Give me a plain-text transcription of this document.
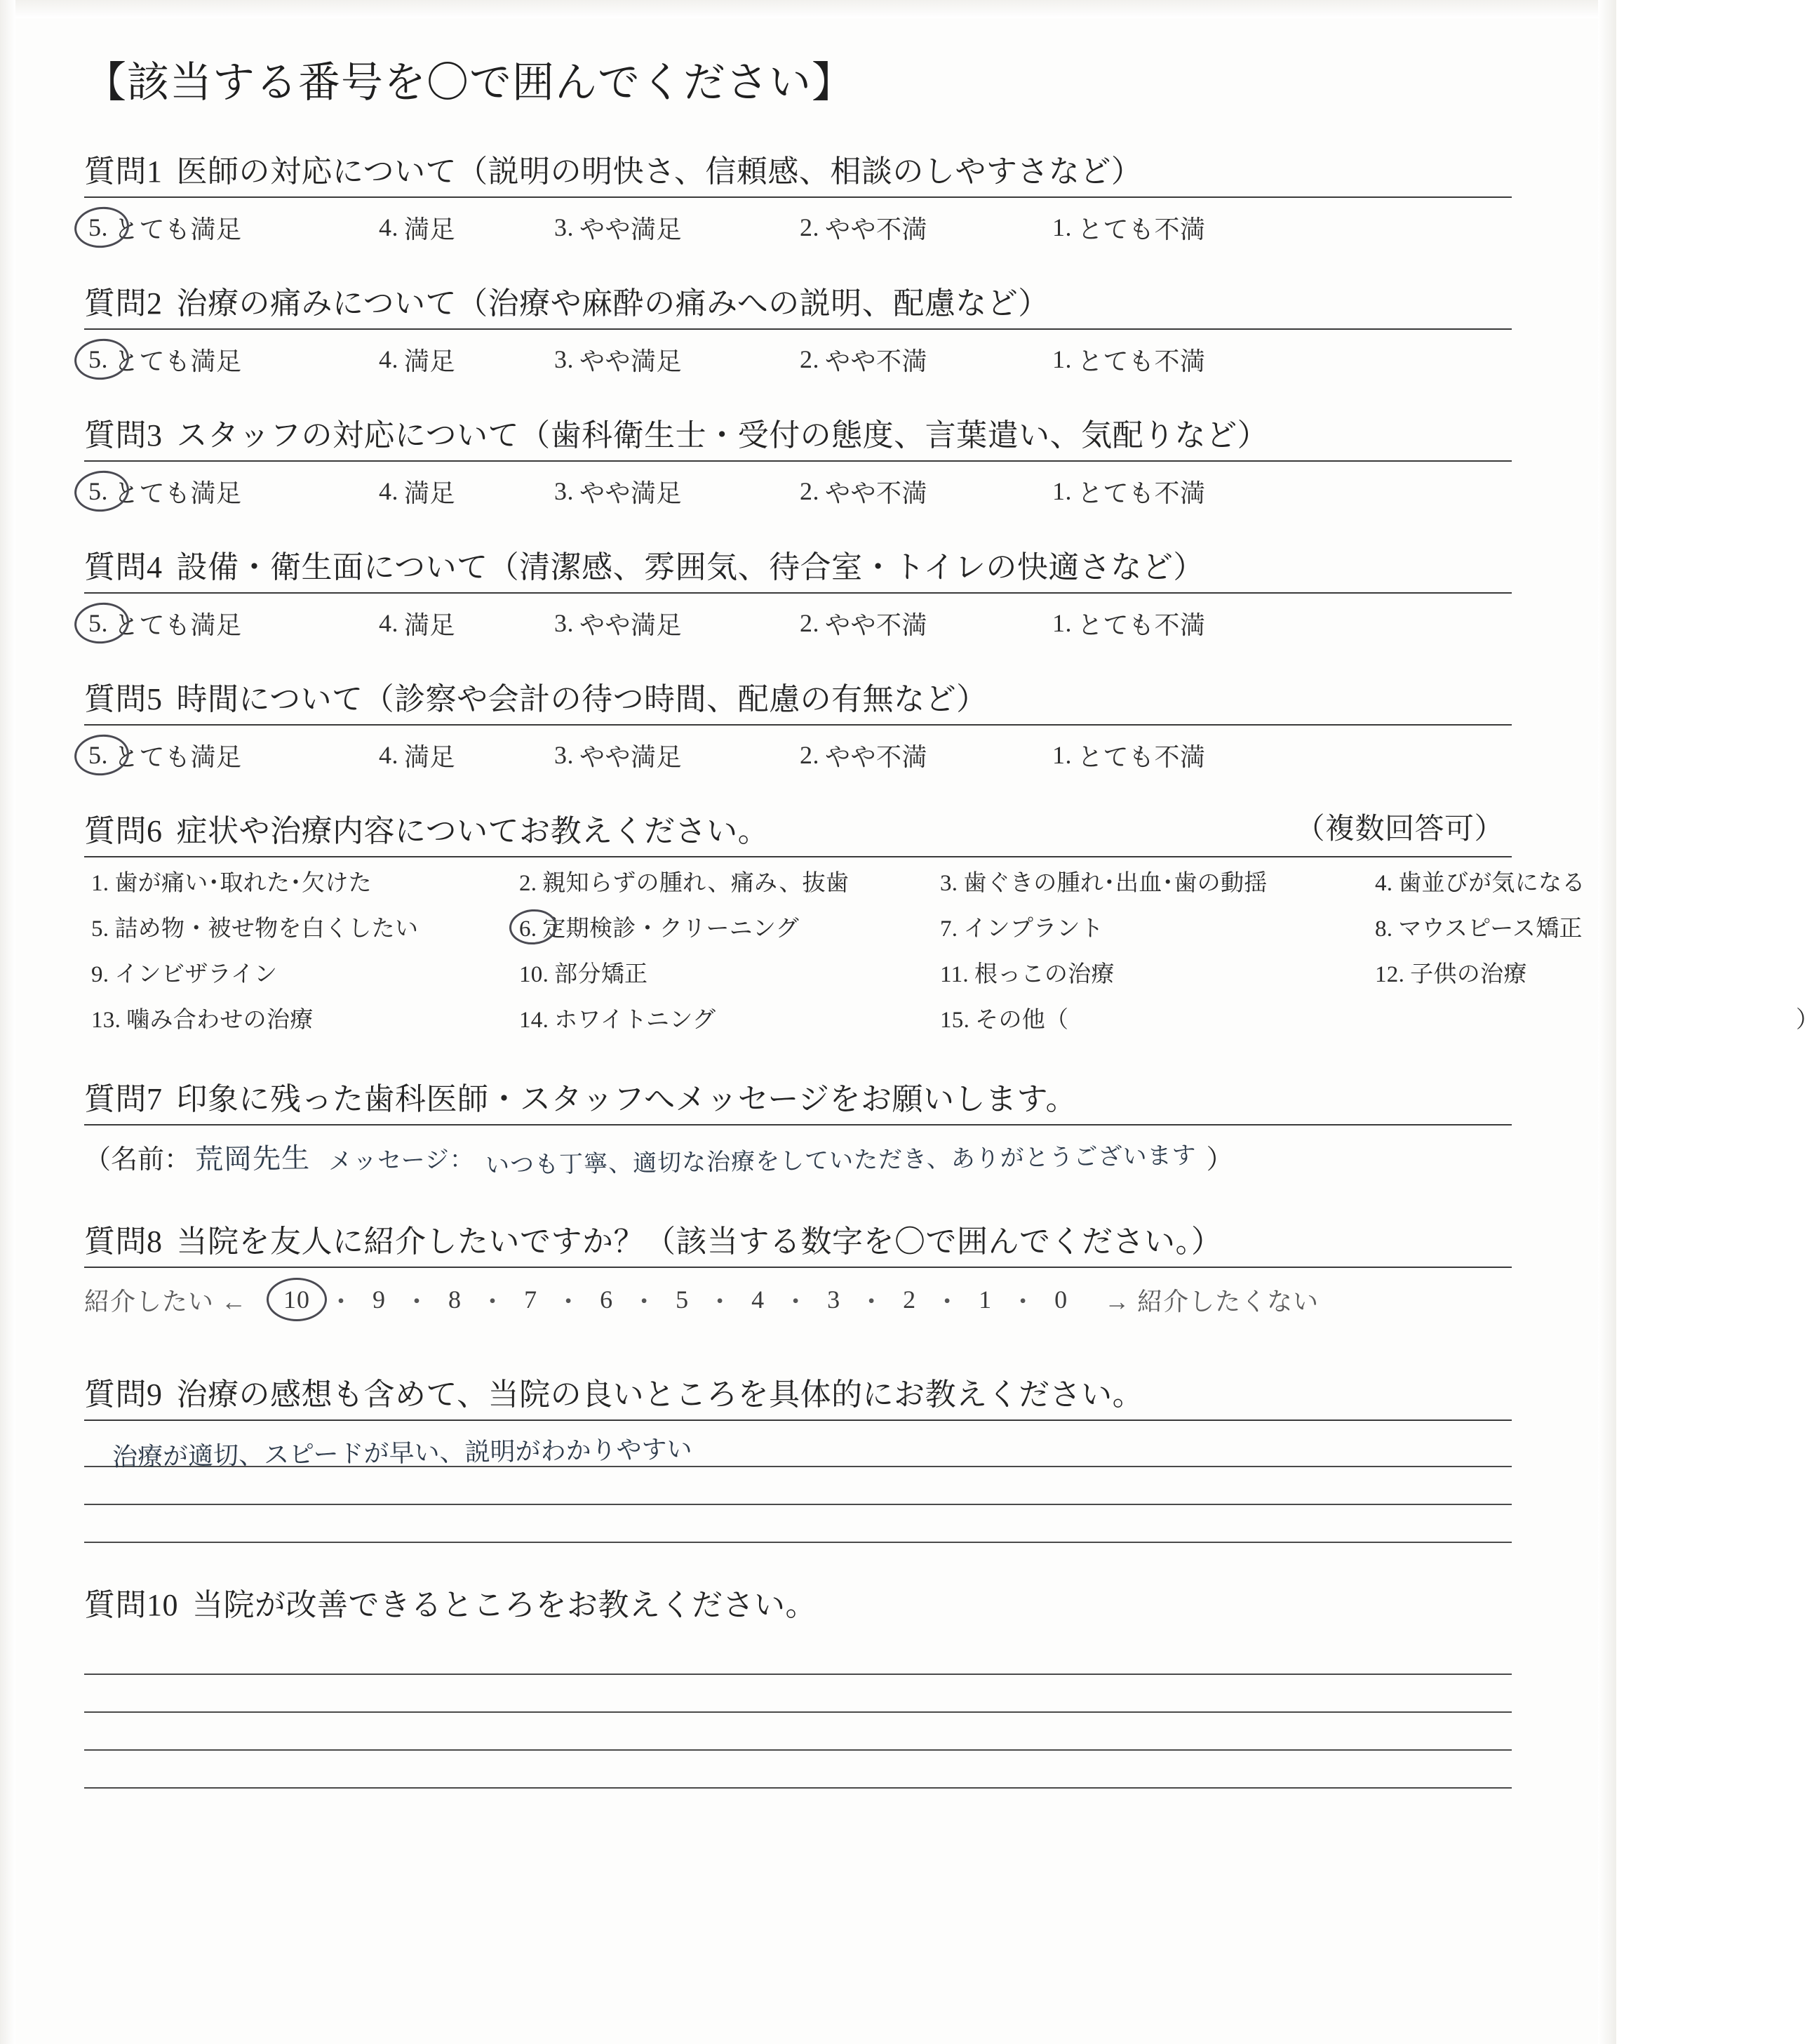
【該当する番号を〇で囲んでください】
質問1 医師の対応について（説明の明快さ、信頼感、相談のしやすさなど）
5. とても満足	4. 満足	3. やや満足	2. やや不満	1. とても不満
質問2 治療の痛みについて（治療や麻酔の痛みへの説明、配慮など）
5. とても満足	4. 満足	3. やや満足	2. やや不満	1. とても不満
質問3 スタッフの対応について（歯科衛生士・受付の態度、言葉遣い、気配りなど）
5. とても満足	4. 満足	3. やや満足	2. やや不満	1. とても不満
質問4 設備・衛生面について（清潔感、雰囲気、待合室・トイレの快適さなど）
5. とても満足	4. 満足	3. やや満足	2. やや不満	1. とても不満
質問5 時間について（診察や会計の待つ時間、配慮の有無など）
5. とても満足	4. 満足	3. やや満足	2. やや不満	1. とても不満
質問6 症状や治療内容についてお教えください。	（複数回答可）
1. 歯が痛い･取れた･欠けた	2. 親知らずの腫れ、痛み、抜歯	3. 歯ぐきの腫れ･出血･歯の動揺	4. 歯並びが気になる
5. 詰め物・被せ物を白くしたい	6. 定期検診・クリーニング	7. インプラント	8. マウスピース矯正
9. インビザライン	10. 部分矯正	11. 根っこの治療	12. 子供の治療
13. 噛み合わせの治療	14. ホワイトニング	15. その他（	）
質問7 印象に残った歯科医師・スタッフへメッセージをお願いします。
（名前： 荒岡先生 メッセージ： いつも丁寧、適切な治療をしていただき、ありがとうございます ）
質問8 当院を友人に紹介したいですか？（該当する数字を〇で囲んでください。）
紹介したい ←	10 ・ 9 ・ 8 ・ 7 ・ 6 ・ 5 ・ 4 ・ 3 ・ 2 ・ 1 ・ 0	→ 紹介したくない
質問9 治療の感想も含めて、当院の良いところを具体的にお教えください。
治療が適切、スピードが早い、説明がわかりやすい
質問10 当院が改善できるところをお教えください。
